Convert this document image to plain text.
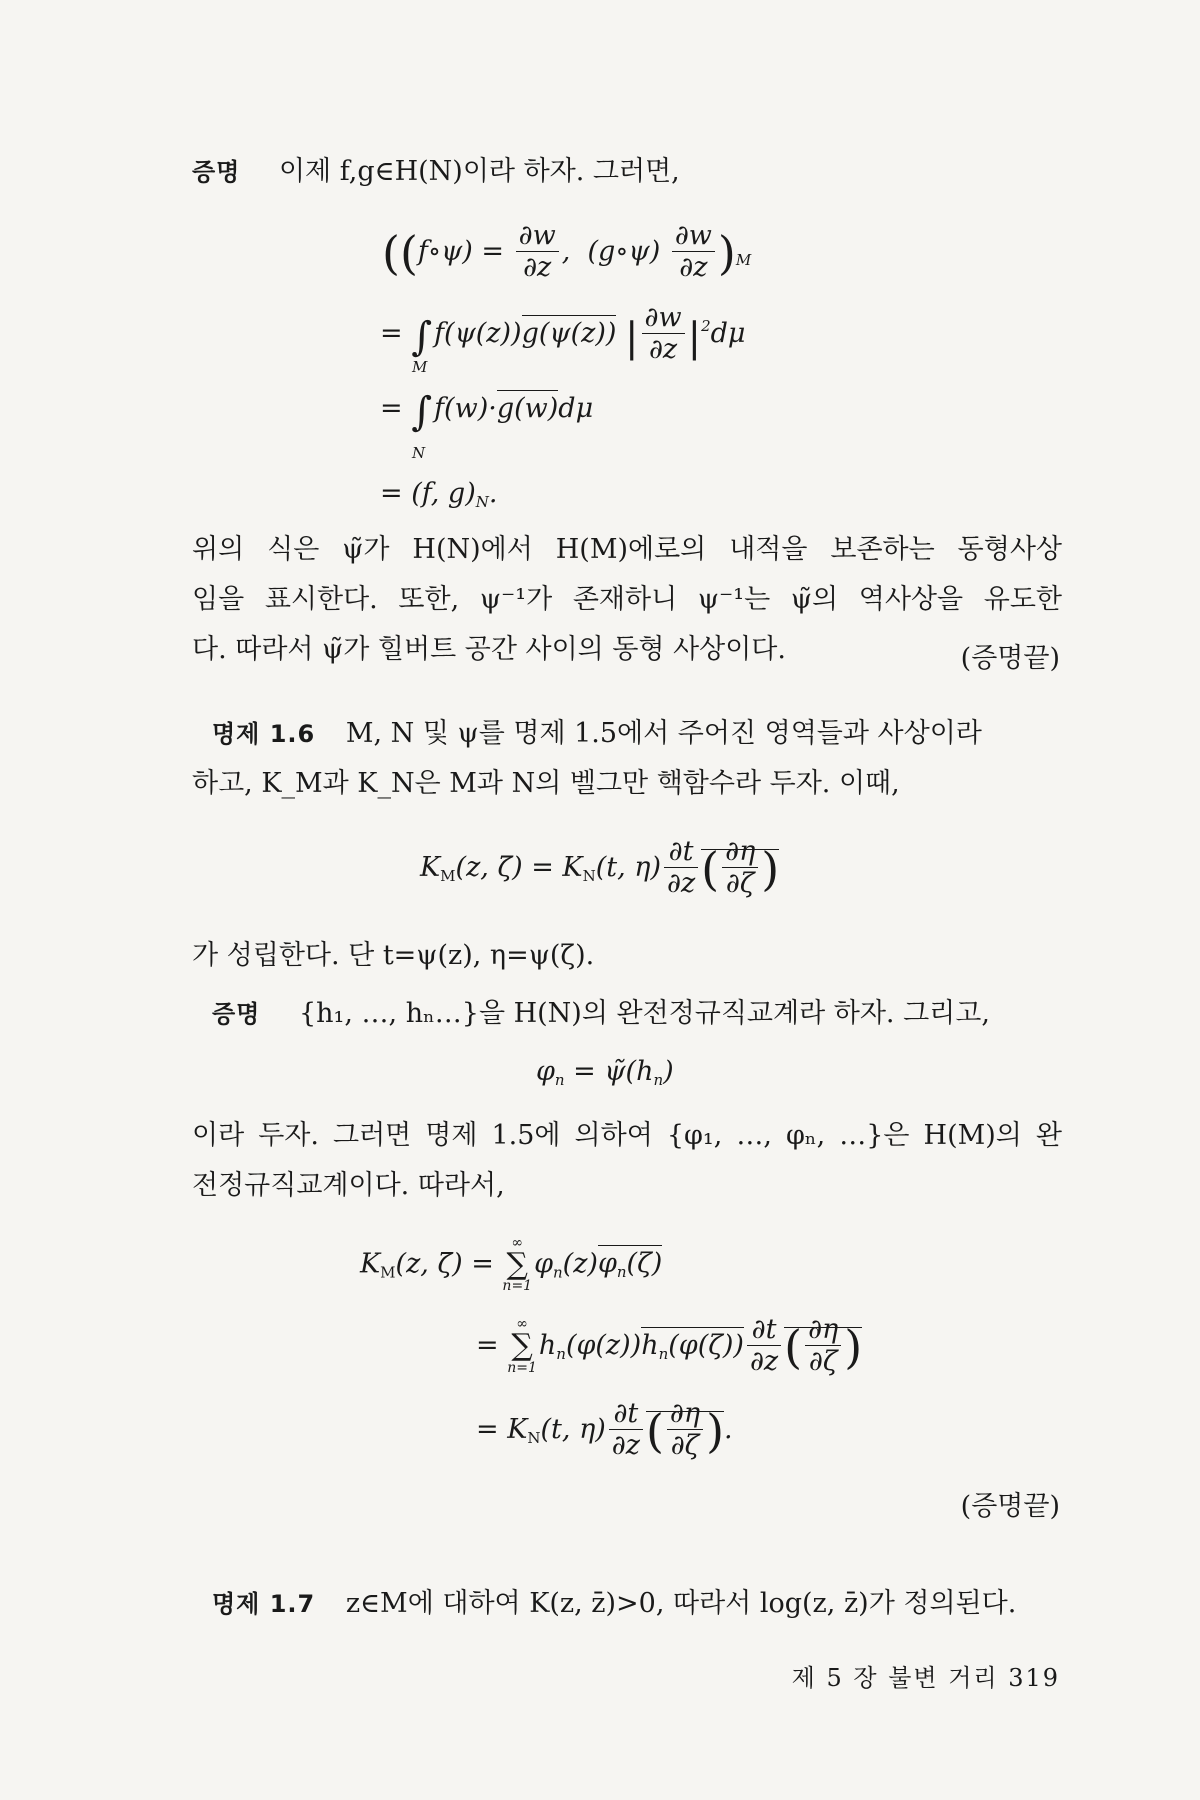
증명 이제 f,g∈H(N)이라 하자. 그러면,
((f∘ψ) = $\frac{\partial w}{\partial z}$ ,  (g∘ψ) $\frac{\partial w}{\partial z} )M$
= ∫f(ψ(z))g(ψ(z)) | $\frac{\partial w}{\partial z} |^2d\mu$
M
= ∫f(w)·g(w)dμ
N
= (f, g)N.
위의 식은 ψ̃가 H(N)에서 H(M)에로의 내적을 보존하는 동형사상
임을 표시한다. 또한, ψ⁻¹가 존재하니 ψ⁻¹는 ψ̃의 역사상을 유도한
다. 따라서 ψ̃가 힐버트 공간 사이의 동형 사상이다.	(증명끝)
명제 1.6 M, N 및 ψ를 명제 1.5에서 주어진 영역들과 사상이라
하고, K_M과 K_N은 M과 N의 벨그만 핵함수라 두자. 이때,
$K_M(z$, ζ̄) = $K_N(t$, $\eta) \frac{\partial t}{\partial z}$ ( $\frac{\partial\eta}{\partial\zeta}$ )
가 성립한다. 단 t=ψ(z), η=ψ(ζ).
증명 {h₁, …, hₙ…}을 H(N)의 완전정규직교계라 하자. 그리고,
φn = ψ̃(hn)
이라 두자. 그러면 명제 1.5에 의하여 {φ₁, …, φₙ, …}은 H(M)의 완
전정규직교계이다. 따라서,
$K_M(z$, ζ̄) = ∞
∑
n=1φn(z)φn(ζ)
= ∞
∑
$n=1hn(\varphi(z))hn(\varphi(\zeta)) \frac{\partial t}{\partial z}$ ( $\frac{\partial\eta}{\partial\zeta}$ )
= $K_N(t$, $\eta) \frac{\partial t}{\partial z}$ ( $\frac{\partial\eta}{\partial\zeta}$ ).
(증명끝)
명제 1.7 z∈M에 대하여 K(z, z̄)>0, 따라서 log(z, z̄)가 정의된다.
제 5 장 불변 거리 319
